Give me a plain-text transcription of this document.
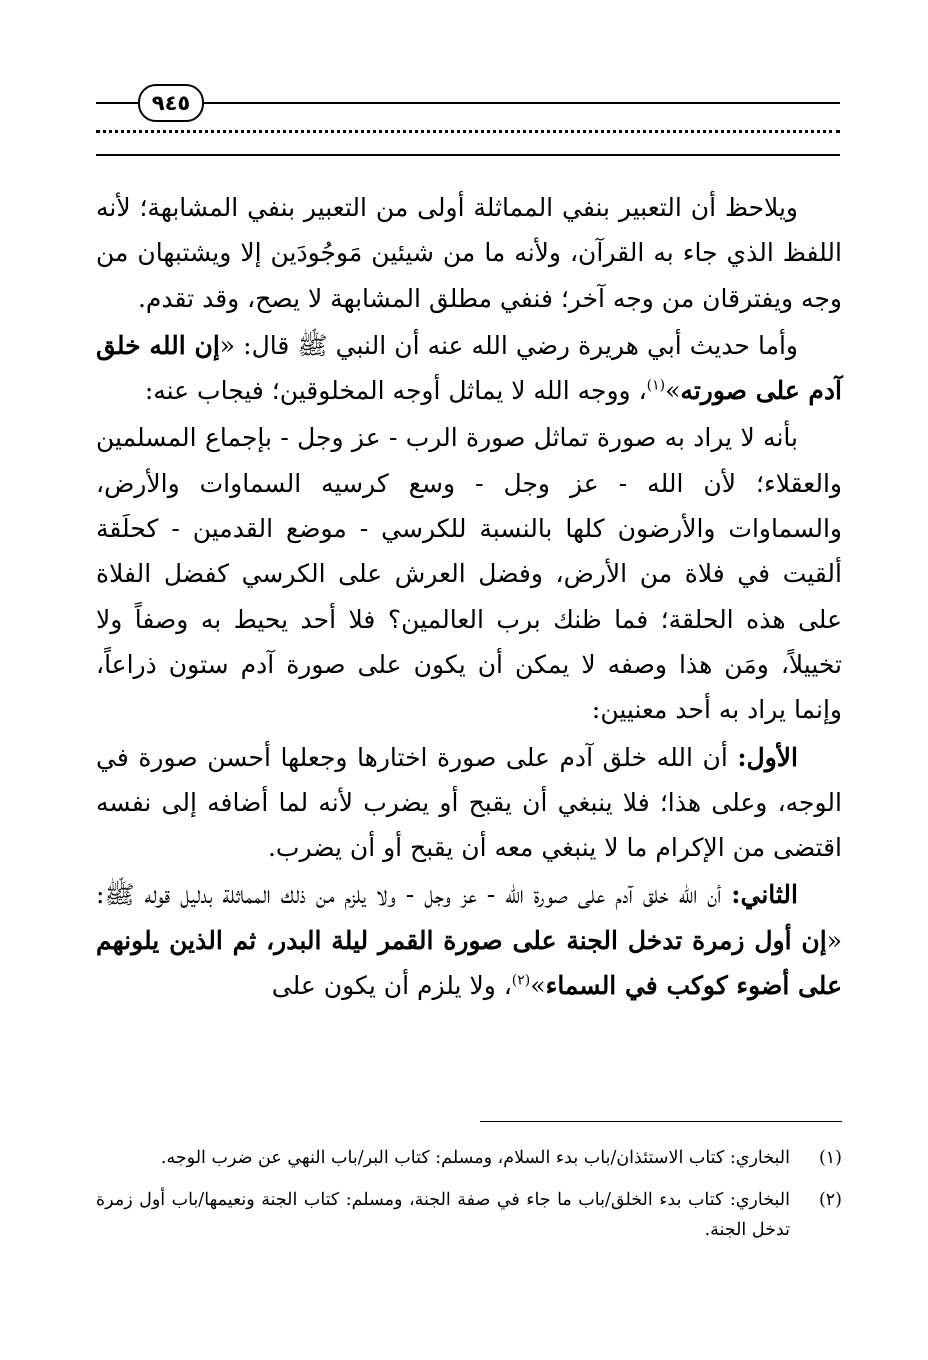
٩٤٥

ويلاحظ أن التعبير بنفي المماثلة أولى من التعبير بنفي المشابهة؛ لأنه اللفظ الذي جاء به القرآن، ولأنه ما من شيئين مَوجُودَين إلا ويشتبهان من وجه ويفترقان من وجه آخر؛ فنفي مطلق المشابهة لا يصح، وقد تقدم.

وأما حديث أبي هريرة رضي الله عنه أن النبي ﷺ قال: «إن الله خلق آدم على صورته»$^{(١)}$، ووجه الله لا يماثل أوجه المخلوقين؛ فيجاب عنه:

بأنه لا يراد به صورة تماثل صورة الرب - عز وجل - بإجماع المسلمين والعقلاء؛ لأن الله - عز وجل - وسع كرسيه السماوات والأرض، والسماوات والأرضون كلها بالنسبة للكرسي - موضع القدمين - كحلَقة ألقيت في فلاة من الأرض، وفضل العرش على الكرسي كفضل الفلاة على هذه الحلقة؛ فما ظنك برب العالمين؟ فلا أحد يحيط به وصفاً ولا تخييلاً، ومَن هذا وصفه لا يمكن أن يكون على صورة آدم ستون ذراعاً، وإنما يراد به أحد معنيين:

الأول: أن الله خلق آدم على صورة اختارها وجعلها أحسن صورة في الوجه، وعلى هذا؛ فلا ينبغي أن يقبح أو يضرب لأنه لما أضافه إلى نفسه اقتضى من الإكرام ما لا ينبغي معه أن يقبح أو أن يضرب.

الثاني: أن الله خلق آدم على صورة الله - عز وجل - ولا يلزم من ذلك المماثلة بدليل قوله ﷺ: «إن أول زمرة تدخل الجنة على صورة القمر ليلة البدر، ثم الذين يلونهم على أضوء كوكب في السماء»$^{(٢)}$، ولا يلزم أن يكون على

(١)
البخاري: كتاب الاستئذان/باب بدء السلام، ومسلم: كتاب البر/باب النهي عن ضرب الوجه.
(٢)
البخاري: كتاب بدء الخلق/باب ما جاء في صفة الجنة، ومسلم: كتاب الجنة ونعيمها/باب أول زمرة تدخل الجنة.
